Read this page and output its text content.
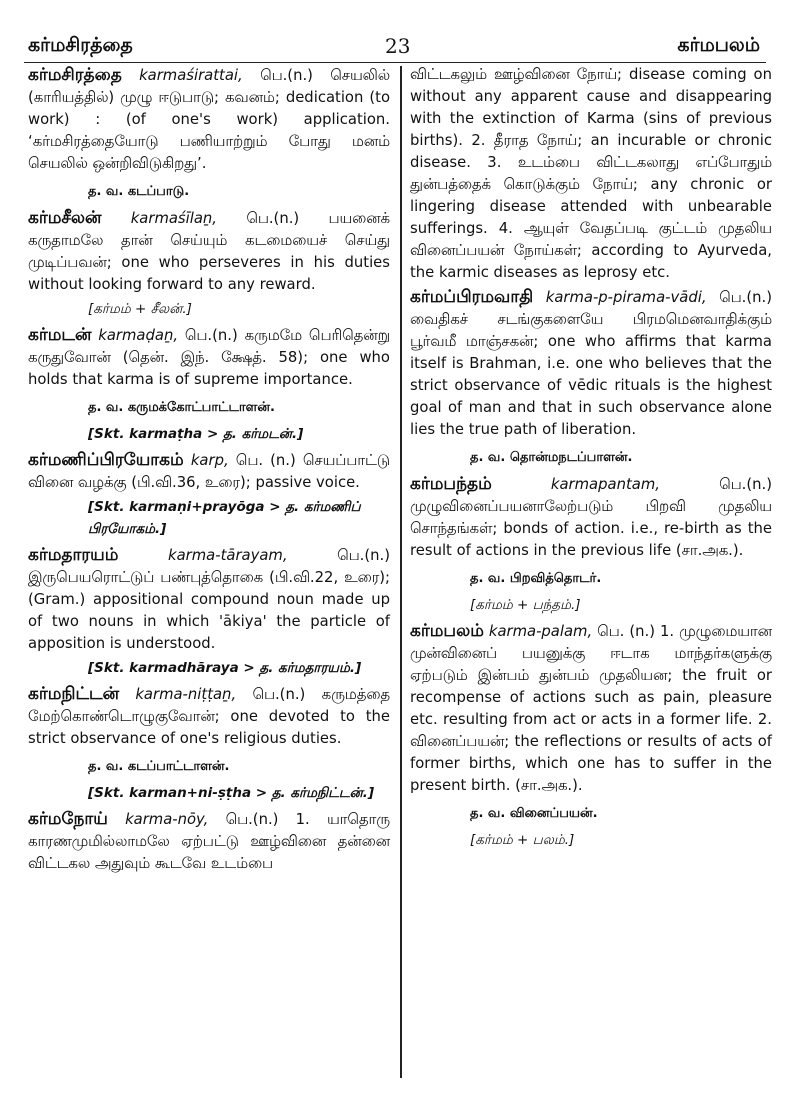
கர்மசிரத்தை	23	கர்மபலம்
கர்மசிரத்தை karmaśirattai, பெ.(n.) செயலில் (காரியத்தில்) முழு ஈடுபாடு; கவனம்; dedication (to work) : (of one's work) application. ‘கர்மசிரத்தையோடு பணியாற்றும் போது மனம் செயலில் ஒன்றிவிடுகிறது’.
த. வ. கடப்பாடு.
கர்மசீலன் karmaśīlaṉ, பெ.(n.) பயனைக் கருதாமலே தான் செய்யும் கடமையைச் செய்து முடிப்பவன்; one who perseveres in his duties without looking forward to any reward.
[கர்மம் + சீலன்.]
கர்மடன் karmaḍaṉ, பெ.(n.) கருமமே பெரிதென்று கருதுவோன் (தென். இந். க்ஷேத். 58); one who holds that karma is of supreme importance.
த. வ. கருமக்கோட்பாட்டாளன்.
[Skt. karmaṭha > த. கர்மடன்.]
கர்மணிப்பிரயோகம் karp, பெ. (n.) செயப்பாட்டு வினை வழக்கு (பி.வி.36, உரை); passive voice.
[Skt. karmaṇi+prayōga > த. கர்மணிப் பிரயோகம்.]
கர்மதாரயம்	karma-tārayam,	பெ.(n.) இருபெயரொட்டுப் பண்புத்தொகை (பி.வி.22, உரை); (Gram.) appositional compound noun made up of two nouns in which 'ākiya' the particle of apposition is understood.
[Skt. karmadhāraya > த. கர்மதாரயம்.]
கர்மநிட்டன் karma-niṭṭaṉ, பெ.(n.) கருமத்தை மேற்கொண்டொழுகுவோன்; one devoted to the strict observance of one's religious duties.
த. வ. கடப்பாட்டாளன்.
[Skt. karman+ni-ṣṭha > த. கர்மநிட்டன்.]
கர்மநோய் karma-nōy, பெ.(n.) 1. யாதொரு காரணமுமில்லாமலே ஏற்பட்டு ஊழ்வினை தன்னை விட்டகல அதுவும் கூடவே உடம்பை
விட்டகலும் ஊழ்வினை நோய்; disease coming on without any apparent cause and disappearing with the extinction of Karma (sins of previous births). 2. தீராத நோய்; an incurable or chronic disease. 3. உடம்பை விட்டகலாது எப்போதும் துன்பத்தைக் கொடுக்கும் நோய்; any chronic or lingering disease attended with unbearable sufferings. 4. ஆயுள் வேதப்படி குட்டம் முதலிய வினைப்பயன் நோய்கள்; according to Ayurveda, the karmic diseases as leprosy etc.
கர்மப்பிரமவாதி karma-p-pirama-vādi, பெ.(n.) வைதிகச் சடங்குகளையே பிரமமெனவாதிக்கும் பூர்வமீ மாஞ்சகன்; one who affirms that karma itself is Brahman, i.e. one who believes that the strict observance of vēdic rituals is the highest goal of man and that in such observance alone lies the true path of liberation.
த. வ. தொன்மநடப்பாளன்.
கர்மபந்தம்	karmapantam,	பெ.(n.) முழுவினைப்பயனாலேற்படும் பிறவி முதலிய சொந்தங்கள்; bonds of action. i.e., re-birth as the result of actions in the previous life (சா.அக.).
த. வ. பிறவித்தொடர்.
[கர்மம் + பந்தம்.]
கர்மபலம் karma-palam, பெ. (n.) 1. முழுமையான முன்வினைப் பயனுக்கு ஈடாக மாந்தர்களுக்கு ஏற்படும் இன்பம் துன்பம் முதலியன; the fruit or recompense of actions such as pain, pleasure etc. resulting from act or acts in a former life. 2. வினைப்பயன்; the reflections or results of acts of former births, which one has to suffer in the present birth. (சா.அக.).
த. வ. வினைப்பயன்.
[கர்மம் + பலம்.]
